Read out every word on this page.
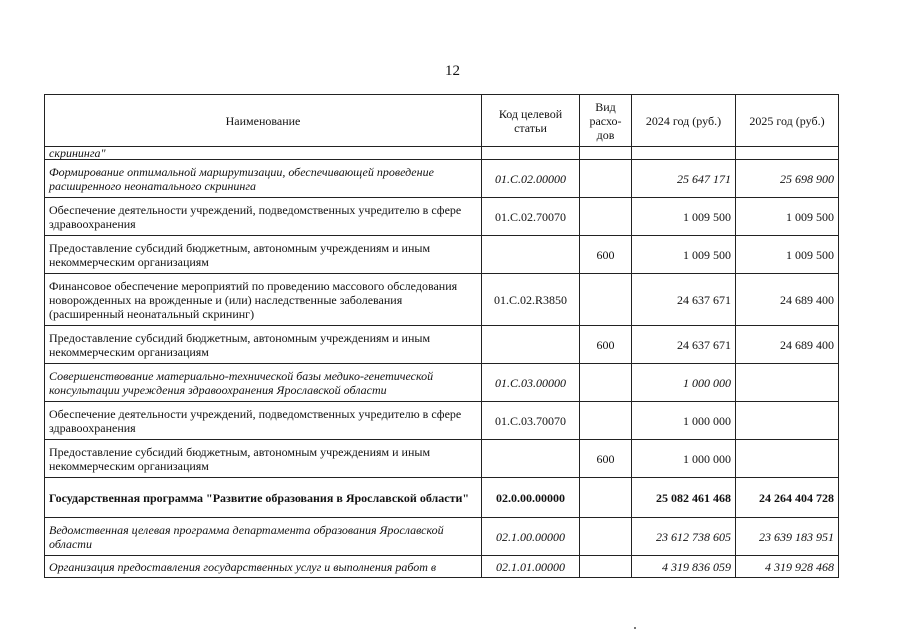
12
Наименование	Код целевой статьи	Вид расхо-дов	2024 год (руб.)	2025 год (руб.)
скрининга"				
Формирование оптимальной маршрутизации, обеспечивающей проведение расширенного неонатального скрининга	01.С.02.00000		25 647 171	25 698 900
Обеспечение деятельности учреждений, подведомственных учредителю в сфере здравоохранения	01.С.02.70070		1 009 500	1 009 500
Предоставление субсидий бюджетным, автономным учреждениям и иным некоммерческим организациям		600	1 009 500	1 009 500
Финансовое обеспечение мероприятий по проведению массового обследования новорожденных на врожденные и (или) наследственные заболевания (расширенный неонатальный скрининг)	01.С.02.R3850		24 637 671	24 689 400
Предоставление субсидий бюджетным, автономным учреждениям и иным некоммерческим организациям		600	24 637 671	24 689 400
Совершенствование материально-технической базы медико-генетической консультации учреждения здравоохранения Ярославской области	01.С.03.00000		1 000 000	
Обеспечение деятельности учреждений, подведомственных учредителю в сфере здравоохранения	01.С.03.70070		1 000 000	
Предоставление субсидий бюджетным, автономным учреждениям и иным некоммерческим организациям		600	1 000 000	
Государственная программа "Развитие образования в Ярославской области"	02.0.00.00000		25 082 461 468	24 264 404 728
Ведомственная целевая программа департамента образования Ярославской области	02.1.00.00000		23 612 738 605	23 639 183 951
Организация предоставления государственных услуг и выполнения работ в	02.1.01.00000		4 319 836 059	4 319 928 468
